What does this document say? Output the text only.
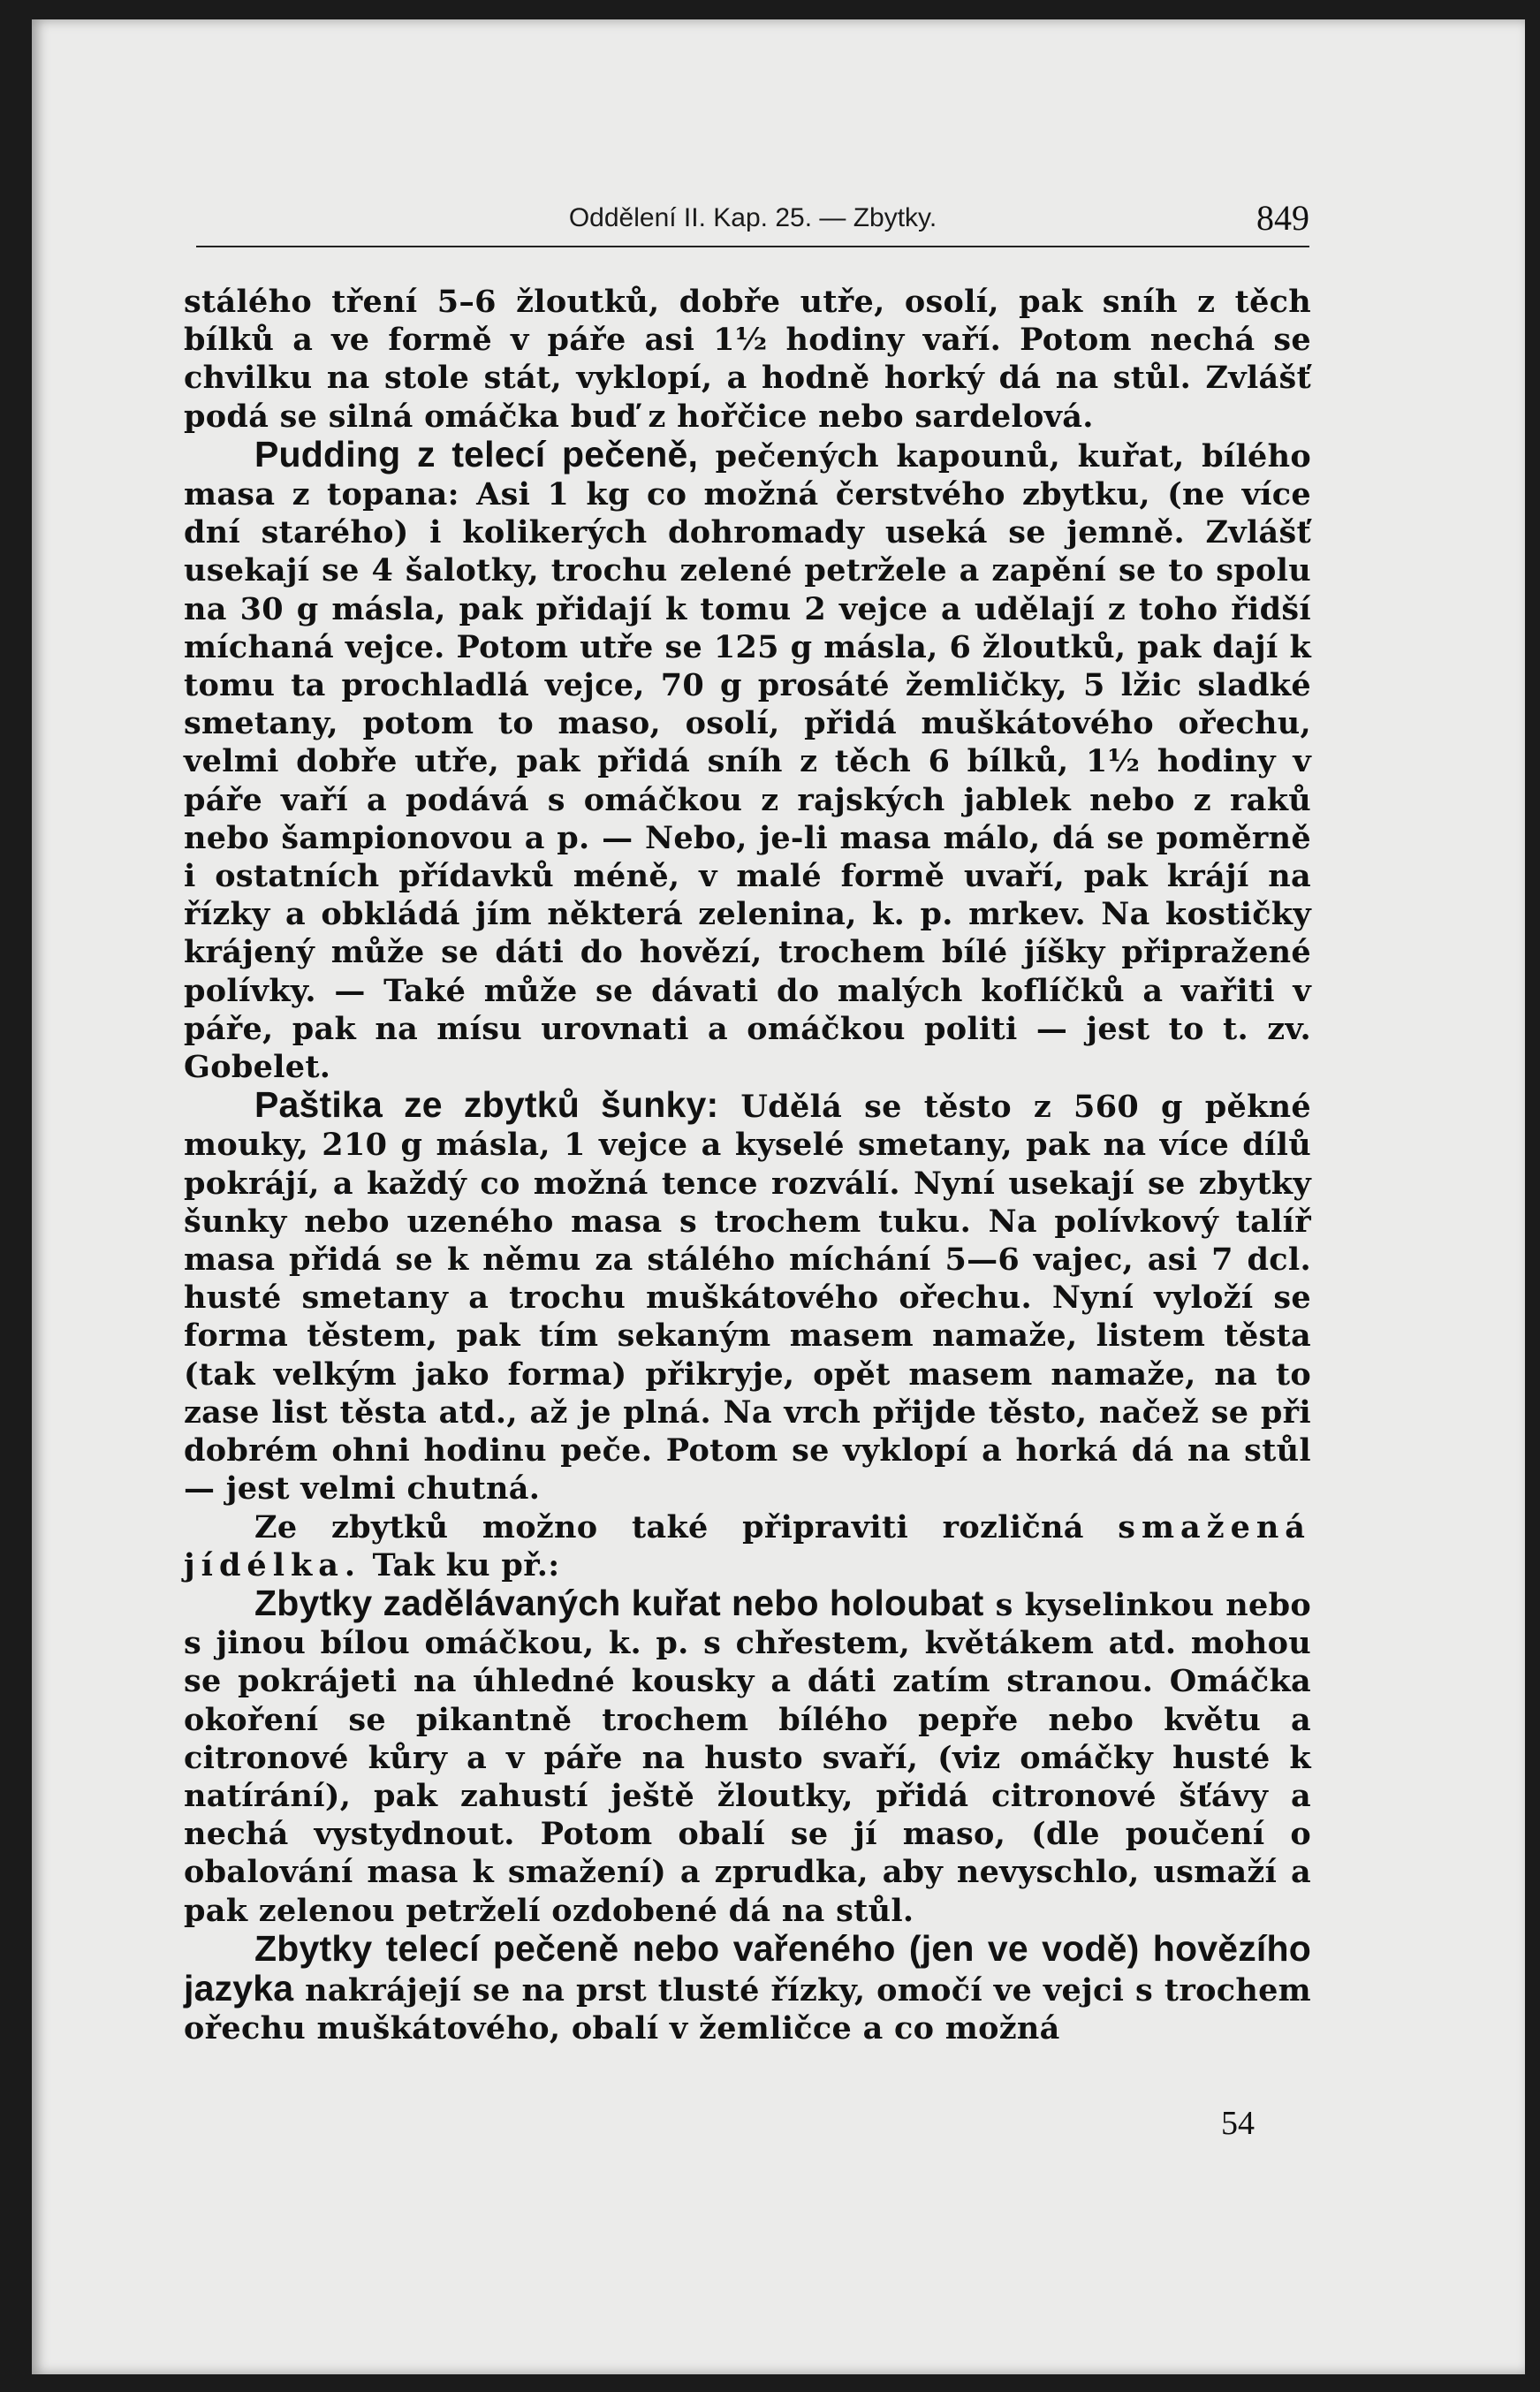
Oddělení II. Kap. 25. — Zbytky.	849

stálého tření 5–6 žloutků, dobře utře, osolí, pak sníh z těch bílků a ve formě v páře asi 1½ hodiny vaří. Potom nechá se chvilku na stole stát, vyklopí, a hodně horký dá na stůl. Zvlášť podá se silná omáčka buď z hořčice nebo sardelová.

Pudding z telecí pečeně, pečených kapounů, kuřat, bílého masa z topana: Asi 1 kg co možná čerstvého zbytku, (ne více dní starého) i kolikerých dohromady useká se jemně. Zvlášť usekají se 4 šalotky, trochu zelené petržele a zapění se to spolu na 30 g másla, pak přidají k tomu 2 vejce a udělají z toho řidší míchaná vejce. Potom utře se 125 g másla, 6 žloutků, pak dají k tomu ta prochladlá vejce, 70 g prosáté žemličky, 5 lžic sladké smetany, potom to maso, osolí, přidá muškátového ořechu, velmi dobře utře, pak přidá sníh z těch 6 bílků, 1½ hodiny v páře vaří a podává s omáčkou z rajských jablek nebo z raků nebo šampionovou a p. — Nebo, je-li masa málo, dá se poměrně i ostatních přídavků méně, v malé formě uvaří, pak krájí na řízky a obkládá jím některá zelenina, k. p. mrkev. Na kostičky krájený může se dáti do hovězí, trochem bílé jíšky připražené polívky. — Také může se dávati do malých koflíčků a vařiti v páře, pak na mísu urovnati a omáčkou politi — jest to t. zv. Gobelet.

Paštika ze zbytků šunky: Udělá se těsto z 560 g pěkné mouky, 210 g másla, 1 vejce a kyselé smetany, pak na více dílů pokrájí, a každý co možná tence rozválí. Nyní usekají se zbytky šunky nebo uzeného masa s trochem tuku. Na polívkový talíř masa přidá se k němu za stálého míchání 5—6 vajec, asi 7 dcl. husté smetany a trochu muškátového ořechu. Nyní vyloží se forma těstem, pak tím sekaným masem namaže, listem těsta (tak velkým jako forma) přikryje, opět masem namaže, na to zase list těsta atd., až je plná. Na vrch přijde těsto, načež se při dobrém ohni hodinu peče. Potom se vyklopí a horká dá na stůl — jest velmi chutná.

Ze zbytků možno také připraviti rozličná smažená jídélka. Tak ku př.:

Zbytky zadělávaných kuřat nebo holoubat s kyselinkou nebo s jinou bílou omáčkou, k. p. s chřestem, květákem atd. mohou se pokrájeti na úhledné kousky a dáti zatím stranou. Omáčka okoření se pikantně trochem bílého pepře nebo květu a citronové kůry a v páře na husto svaří, (viz omáčky husté k natírání), pak zahustí ještě žloutky, přidá citronové šťávy a nechá vystydnout. Potom obalí se jí maso, (dle poučení o obalování masa k smažení) a zprudka, aby nevyschlo, usmaží a pak zelenou petrželí ozdobené dá na stůl.

Zbytky telecí pečeně nebo vařeného (jen ve vodě) hovězího jazyka nakrájejí se na prst tlusté řízky, omočí ve vejci s trochem ořechu muškátového, obalí v žemličce a co možná

54
